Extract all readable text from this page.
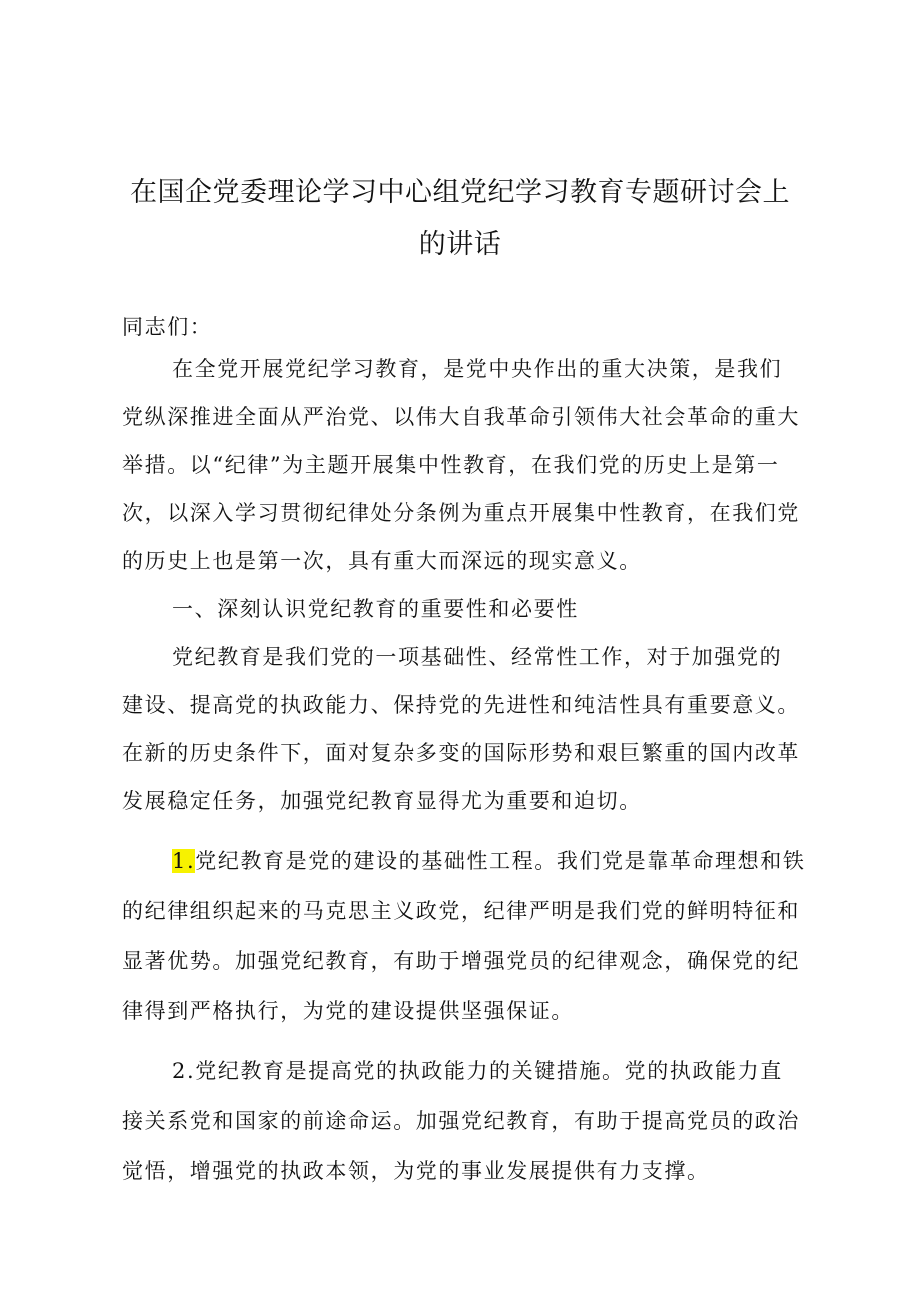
在国企党委理论学习中心组党纪学习教育专题研讨会上
的讲话

同志们：

在全党开展党纪学习教育，是党中央作出的重大决策，是我们

党纵深推进全面从严治党、以伟大自我革命引领伟大社会革命的重大

举措。以“纪律”为主题开展集中性教育，在我们党的历史上是第一

次，以深入学习贯彻纪律处分条例为重点开展集中性教育，在我们党

的历史上也是第一次，具有重大而深远的现实意义。

一、深刻认识党纪教育的重要性和必要性

党纪教育是我们党的一项基础性、经常性工作，对于加强党的

建设、提高党的执政能力、保持党的先进性和纯洁性具有重要意义。

在新的历史条件下，面对复杂多变的国际形势和艰巨繁重的国内改革

发展稳定任务，加强党纪教育显得尤为重要和迫切。

1.党纪教育是党的建设的基础性工程。我们党是靠革命理想和铁

的纪律组织起来的马克思主义政党，纪律严明是我们党的鲜明特征和

显著优势。加强党纪教育，有助于增强党员的纪律观念，确保党的纪

律得到严格执行，为党的建设提供坚强保证。

2.党纪教育是提高党的执政能力的关键措施。党的执政能力直

接关系党和国家的前途命运。加强党纪教育，有助于提高党员的政治

觉悟，增强党的执政本领，为党的事业发展提供有力支撑。
